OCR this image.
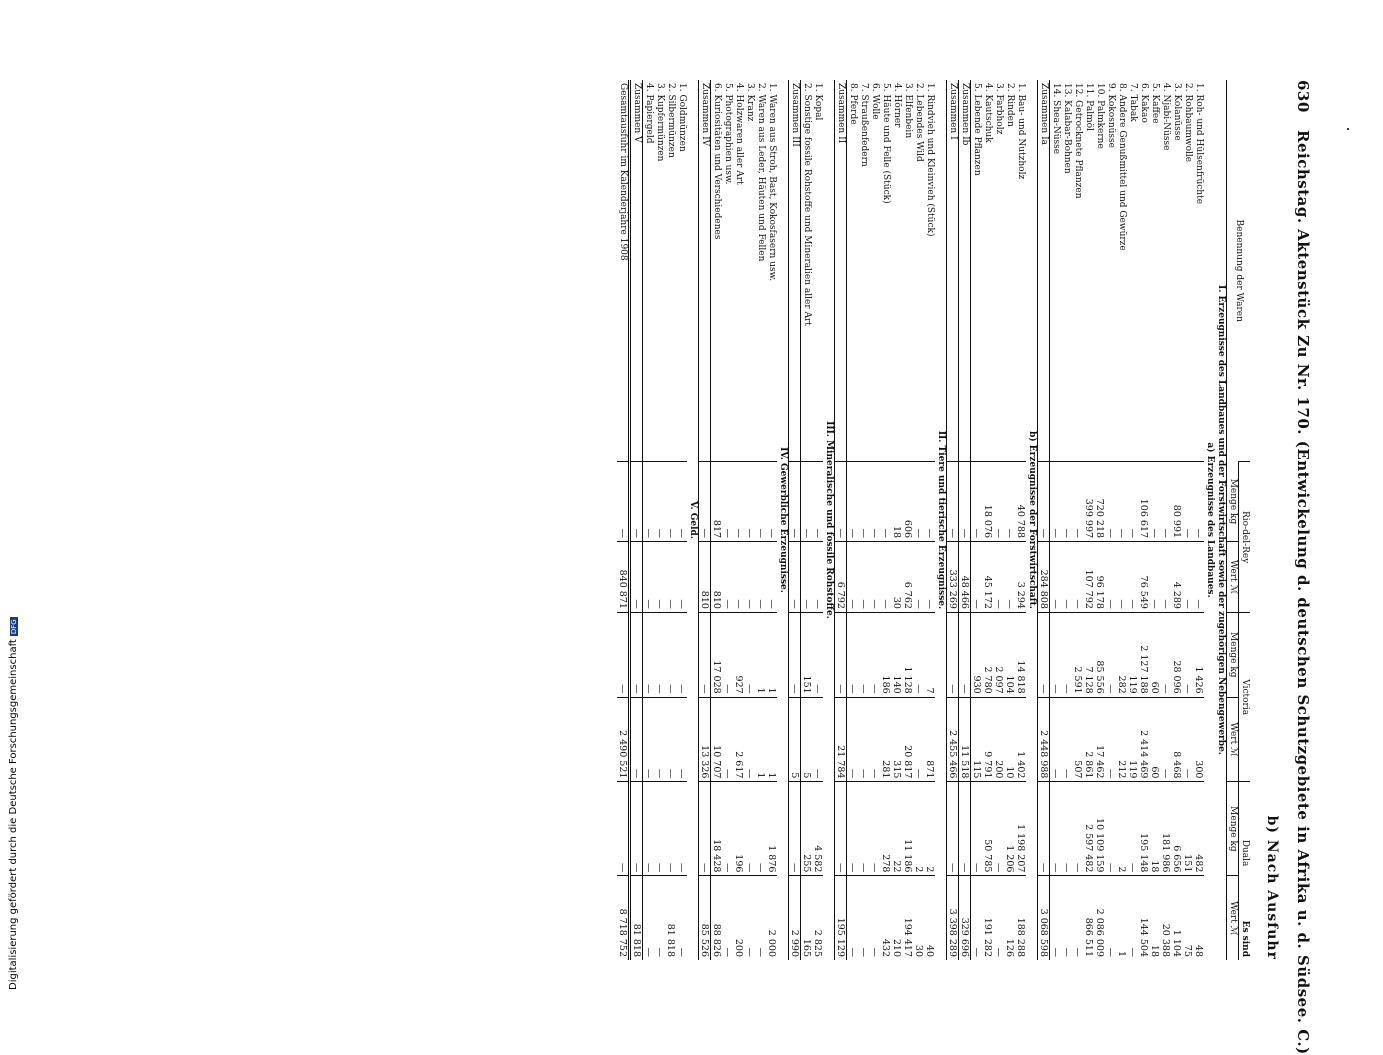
630
Reichstag. Aktenstück Zu Nr. 170. (Entwickelung d. deutschen Schutzgebiete in Afrika u. d. Südsee. C.)
b) Nach Ausfuhr
Benennung der Waren	Rio-del-Rey		Victoria		Duala
Es sind	

	Menge kg	Wert ℳ	Menge kg	Wert ℳ	Menge kg	Wert ℳ
I. Erzeugnisse des Landbaues und der Forstwirtschaft sowie der zugehörigen Nebengewerbe.						
a) Erzeugnisse des Landbaues.						
1. Roh- und Hülsenfrüchte	—	—	1 426	300	482	48
2. Rohbaumwolle	—	—	—	—	151	75
3. Kolanüsse	80 991	4 289	28 096	8 468	6 656	1 104
4. Njabi-Nüsse	—	—	—	—	181 986	20 388
5. Kaffee	—	—	60	60	18	18
6. Kakao	106 617	76 549	2 127 188	2 414 469	195 148	144 504
7. Tabak	—	—	119	119	—	—
8. Andere Genußmittel und Gewürze	—	—	282	212	2	1
9. Kokosnüsse	—	—	—	—	—	—
10. Palmkerne	720 218	96 178	85 556	17 462	10 109 159	2 086 009
11. Palmöl	399 997	107 792	7 128	2 861	2 597 482	866 511
12. Getrocknete Pflanzen	—	—	2 591	507	—	—
13. Kalabar-Bohnen	—	—	—	—	—	—
14. Shea-Nüsse	—	—	—	—	—	—
Zusammen Ia	—	284 808	—	2 448 988	—	3 068 598
b) Erzeugnisse der Forstwirtschaft.						
1. Bau- und Nutzholz	40 788	3 294	14 818	1 402	1 198 207	188 288
2. Rinden	—	—	104	10	1 206	126
3. Farbholz	—	—	2 097	200	—	—
4. Kautschuk	18 076	45 172	2 780	9 791	50 785	191 282
5. Lebende Pflanzen	—	—	930	115	—	—
Zusammen Ib	—	48 466	—	11 518	—	329 696
Zusammen I	—	333 269	—	2 455 466	—	3 398 289
II. Tiere und tierische Erzeugnisse.						
1. Rindvieh und Kleinvieh (Stück)	—	—	7	871	2	40
2. Lebendes Wild	—	—	—	—	2	30
3. Elfenbein	606	6 762	1 128	20 817	11 186	194 417
4. Hörner	18	30	140	315	22	210
5. Häute und Felle (Stück)	—	—	186	281	278	432
6. Wolle	—	—	—	—	—	—
7. Straußenfedern	—	—	—	—	—	—
8. Pferde	—	—	—	—	—	—
Zusammen II	—	6 792	—	21 784	—	195 129
III. Mineralische und fossile Rohstoffe.						
1. Kopal	—	—	—	—	4 582	2 825
2. Sonstige fossile Rohstoffe und Mineralien aller Art	—	—	151	5	255	165
Zusammen III	—	—	—	5	—	2 990
IV. Gewerbliche Erzeugnisse.						
1. Waren aus Stroh, Bast, Kokosfasern usw.	—	—	1	1	1 876	2 000
2. Waren aus Leder, Häuten und Fellen	—	—	1	1	—	—
3. Kranz	—	—	—	—	—	—
4. Holzwaren aller Art	—	—	927	2 617	196	200
5. Photographien usw.	—	—	—	—	—	—
6. Kuriositäten und Verschiedenes	817	810	17 028	10 707	18 428	88 826
Zusammen IV	—	810	—	13 326	—	85 526
V. Geld.						
1. Goldmünzen	—	—	—	—	—	—
2. Silbermünzen	—	—	—	—	—	81 818
3. Kupfermünzen	—	—	—	—	—	—
4. Papiergeld	—	—	—	—	—	—
Zusammen V	—	—	—	—	—	81 818
Gesamtausfuhr im Kalenderjahre 1908	—	840 871	—	2 490 521	—	8 718 752
Digitalisierung gefördert durch die Deutsche ForschungsgemeinschaftDFG
